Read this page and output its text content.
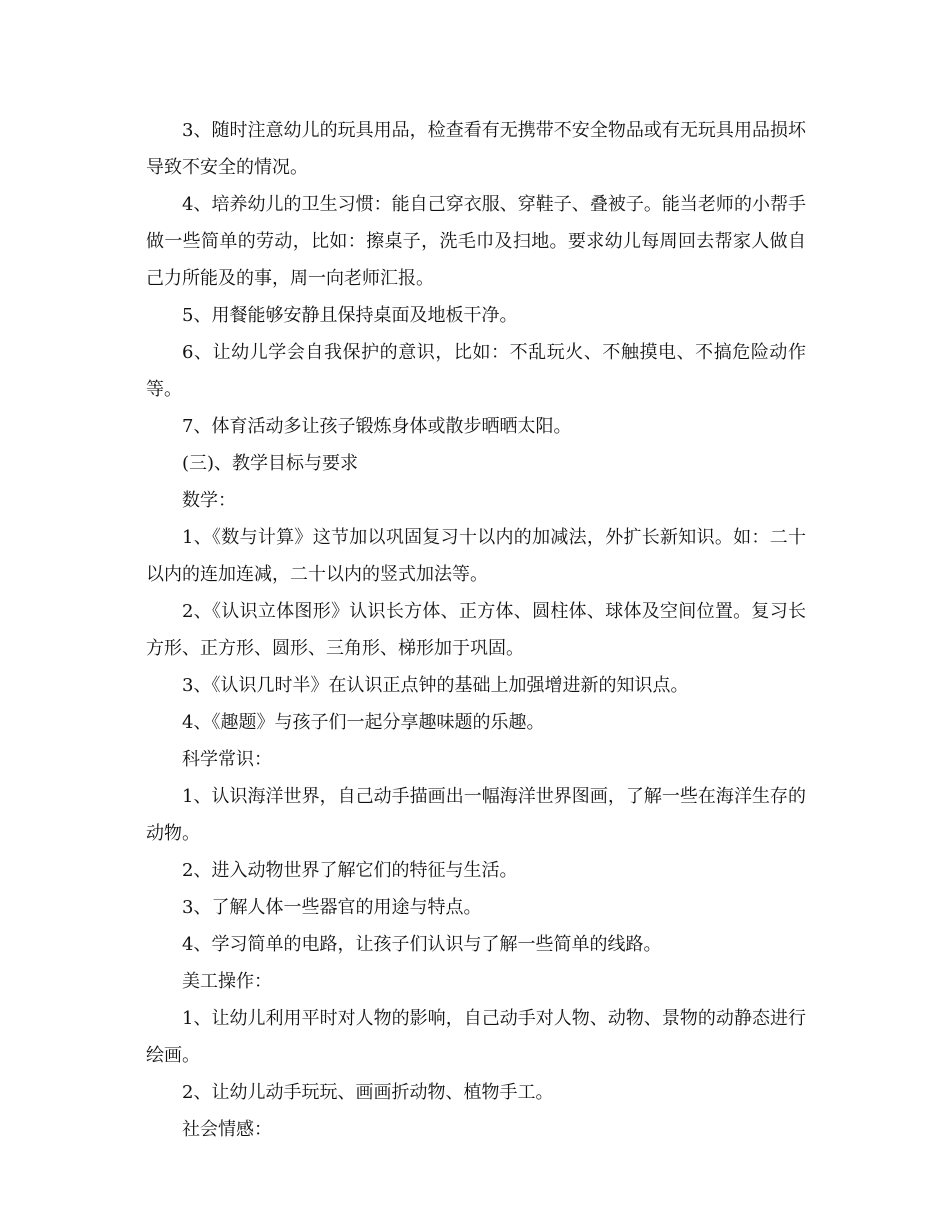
3、随时注意幼儿的玩具用品，检查看有无携带不安全物品或有无玩具用品损坏导致不安全的情况。

4、培养幼儿的卫生习惯：能自己穿衣服、穿鞋子、叠被子。能当老师的小帮手做一些简单的劳动，比如：擦桌子，洗毛巾及扫地。要求幼儿每周回去帮家人做自己力所能及的事，周一向老师汇报。

5、用餐能够安静且保持桌面及地板干净。

6、让幼儿学会自我保护的意识，比如：不乱玩火、不触摸电、不搞危险动作等。

7、体育活动多让孩子锻炼身体或散步晒晒太阳。

(三)、教学目标与要求

数学：

1、《数与计算》这节加以巩固复习十以内的加减法，外扩长新知识。如：二十以内的连加连减，二十以内的竖式加法等。

2、《认识立体图形》认识长方体、正方体、圆柱体、球体及空间位置。复习长方形、正方形、圆形、三角形、梯形加于巩固。

3、《认识几时半》在认识正点钟的基础上加强增进新的知识点。

4、《趣题》与孩子们一起分享趣味题的乐趣。

科学常识：

1、认识海洋世界，自己动手描画出一幅海洋世界图画，了解一些在海洋生存的动物。

2、进入动物世界了解它们的特征与生活。

3、了解人体一些器官的用途与特点。

4、学习简单的电路，让孩子们认识与了解一些简单的线路。

美工操作：

1、让幼儿利用平时对人物的影响，自己动手对人物、动物、景物的动静态进行绘画。

2、让幼儿动手玩玩、画画折动物、植物手工。

社会情感：
